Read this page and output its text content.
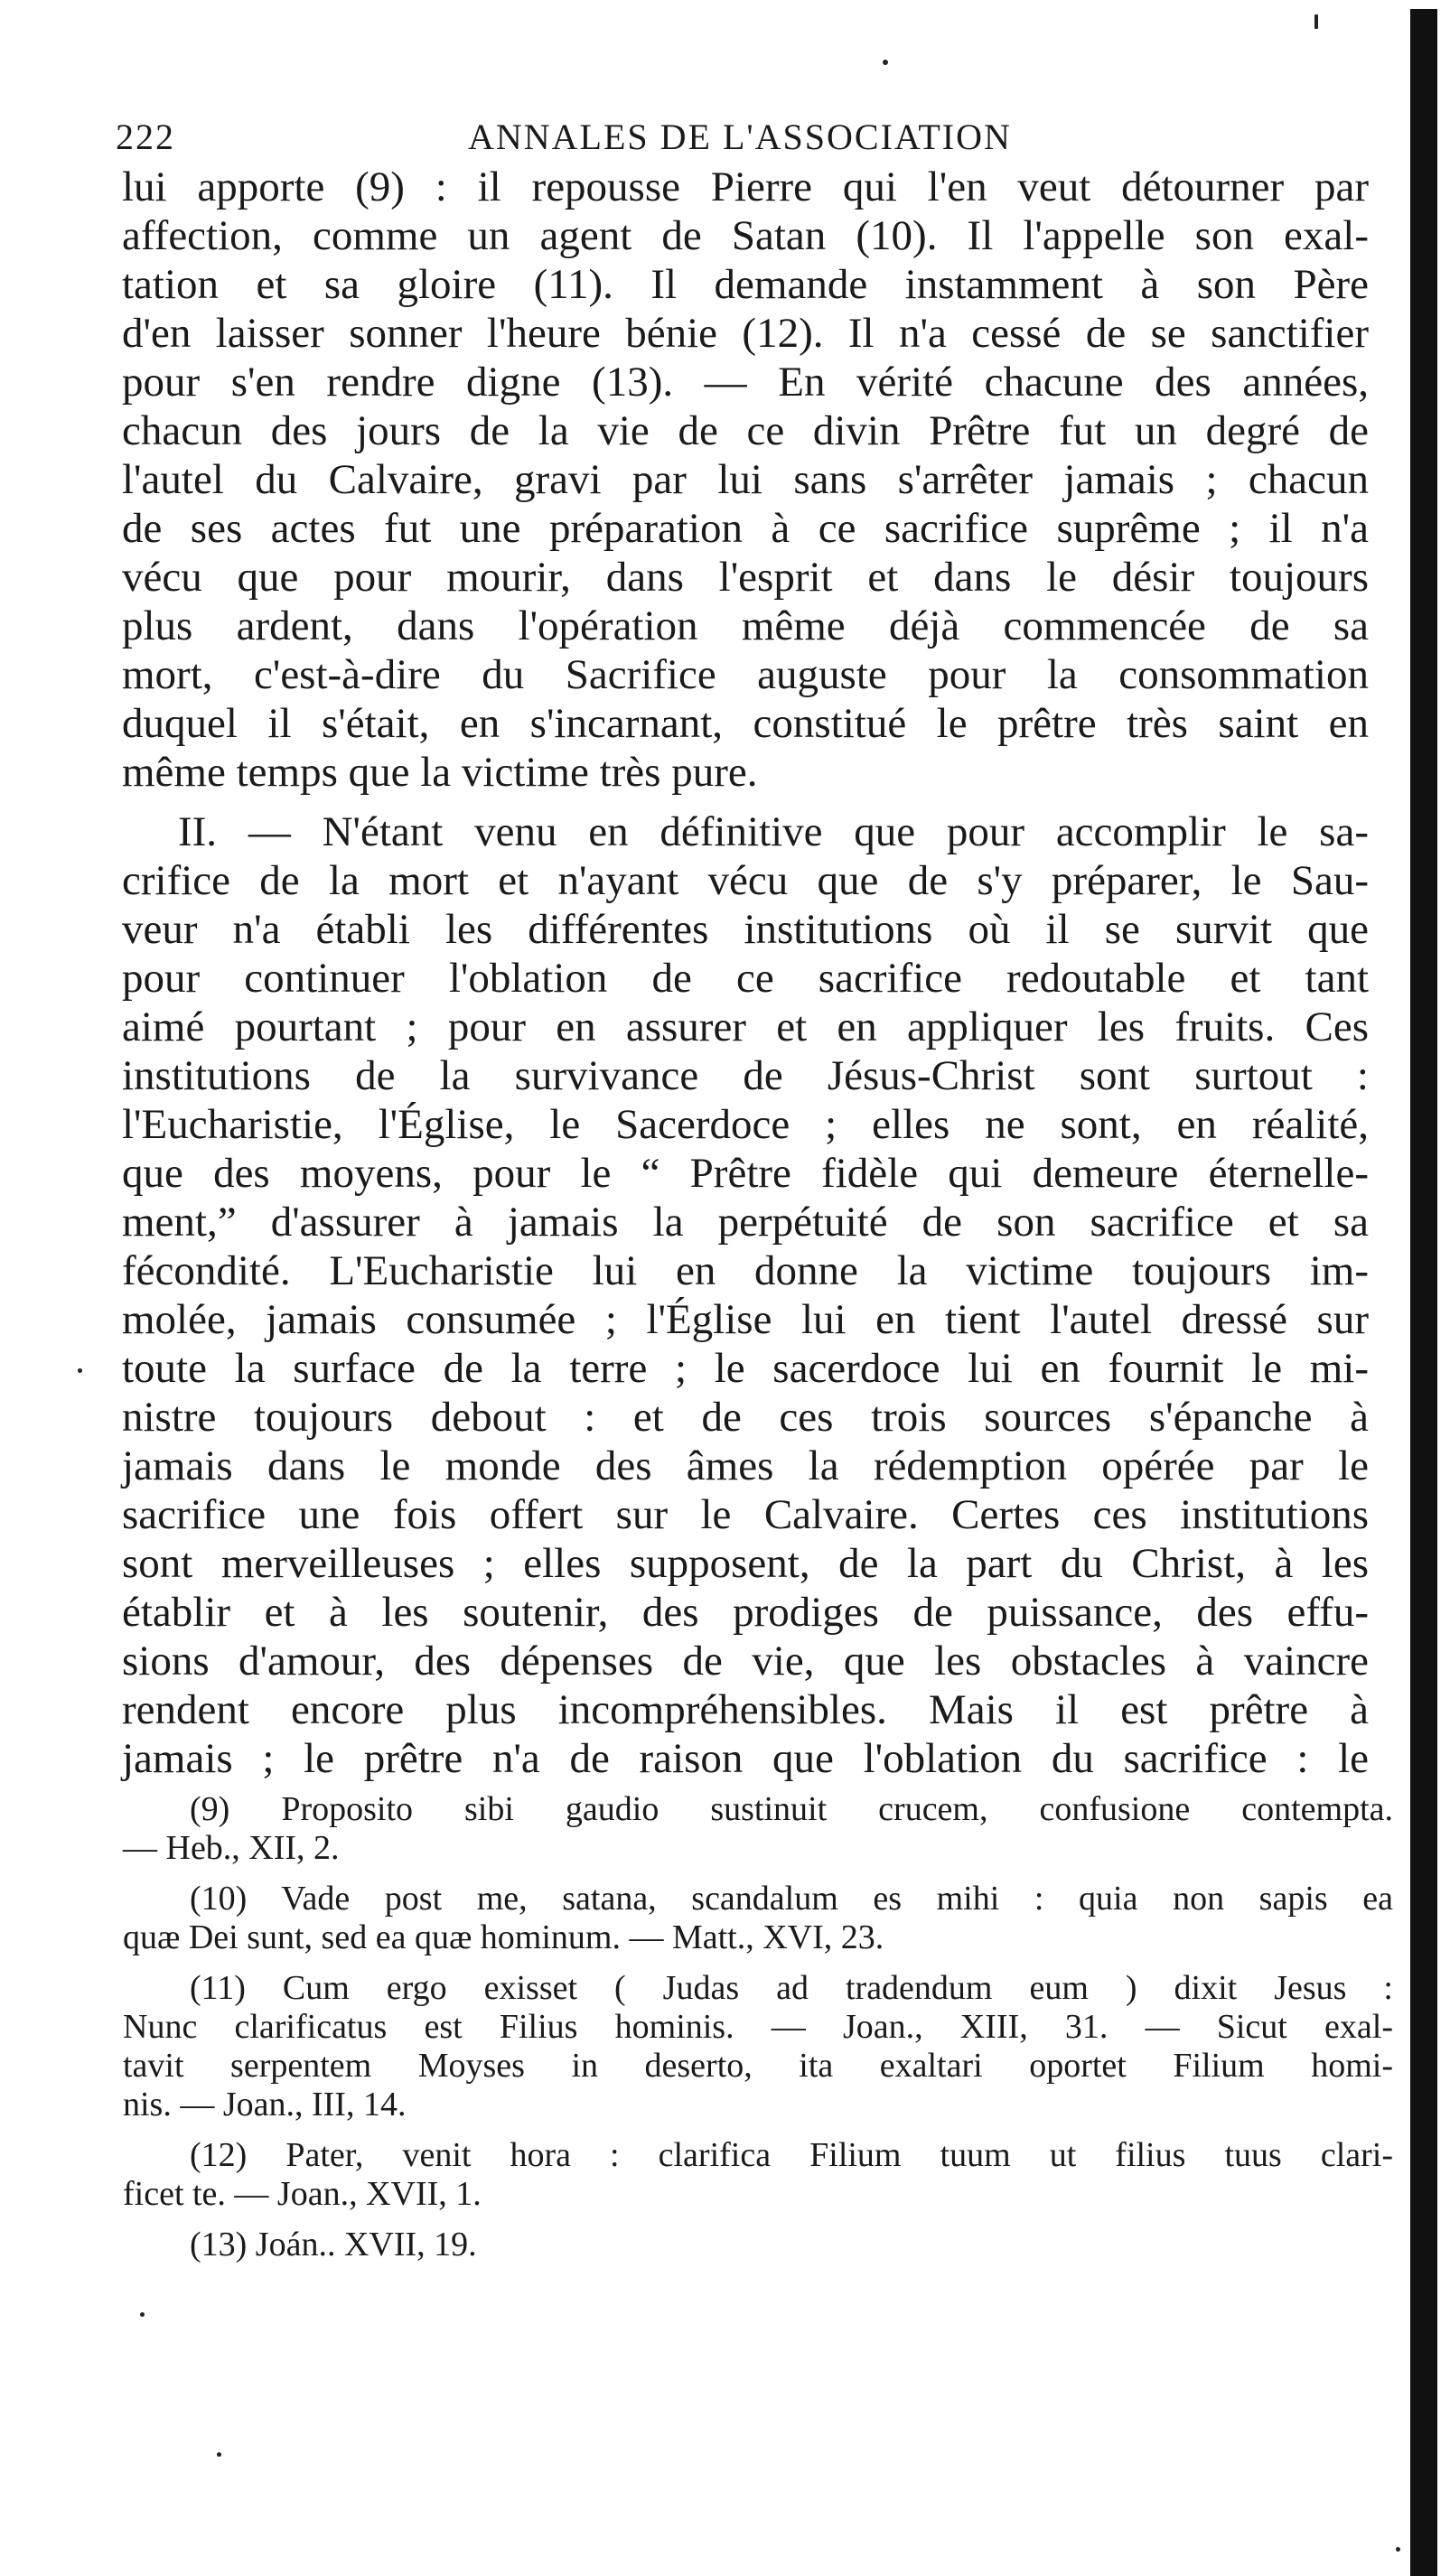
222	ANNALES DE L'ASSOCIATION
lui apporte (9) : il repousse Pierre qui l'en veut détourner par
affection, comme un agent de Satan (10). Il l'appelle son exal-
tation et sa gloire (11). Il demande instamment à son Père
d'en laisser sonner l'heure bénie (12). Il n'a cessé de se sanctifier
pour s'en rendre digne (13). — En vérité chacune des années,
chacun des jours de la vie de ce divin Prêtre fut un degré de
l'autel du Calvaire, gravi par lui sans s'arrêter jamais ; chacun
de ses actes fut une préparation à ce sacrifice suprême ; il n'a
vécu que pour mourir, dans l'esprit et dans le désir toujours
plus ardent, dans l'opération même déjà commencée de sa
mort, c'est-à-dire du Sacrifice auguste pour la consommation
duquel il s'était, en s'incarnant, constitué le prêtre très saint en
même temps que la victime très pure.
II. — N'étant venu en définitive que pour accomplir le sa-
crifice de la mort et n'ayant vécu que de s'y préparer, le Sau-
veur n'a établi les différentes institutions où il se survit que
pour continuer l'oblation de ce sacrifice redoutable et tant
aimé pourtant ; pour en assurer et en appliquer les fruits. Ces
institutions de la survivance de Jésus-Christ sont surtout :
l'Eucharistie, l'Église, le Sacerdoce ; elles ne sont, en réalité,
que des moyens, pour le “ Prêtre fidèle qui demeure éternelle-
ment,” d'assurer à jamais la perpétuité de son sacrifice et sa
fécondité. L'Eucharistie lui en donne la victime toujours im-
molée, jamais consumée ; l'Église lui en tient l'autel dressé sur
toute la surface de la terre ; le sacerdoce lui en fournit le mi-
nistre toujours debout : et de ces trois sources s'épanche à
jamais dans le monde des âmes la rédemption opérée par le
sacrifice une fois offert sur le Calvaire. Certes ces institutions
sont merveilleuses ; elles supposent, de la part du Christ, à les
établir et à les soutenir, des prodiges de puissance, des effu-
sions d'amour, des dépenses de vie, que les obstacles à vaincre
rendent encore plus incompréhensibles. Mais il est prêtre à
jamais ; le prêtre n'a de raison que l'oblation du sacrifice : le
(9) Proposito sibi gaudio sustinuit crucem, confusione contempta.
— Heb., XII, 2.
(10) Vade post me, satana, scandalum es mihi : quia non sapis ea
quæ Dei sunt, sed ea quæ hominum. — Matt., XVI, 23.
(11) Cum ergo exisset ( Judas ad tradendum eum ) dixit Jesus :
Nunc clarificatus est Filius hominis. — Joan., XIII, 31. — Sicut exal-
tavit serpentem Moyses in deserto, ita exaltari oportet Filium homi-
nis. — Joan., III, 14.
(12) Pater, venit hora : clarifica Filium tuum ut filius tuus clari-
ficet te. — Joan., XVII, 1.
(13) Joán.. XVII, 19.
